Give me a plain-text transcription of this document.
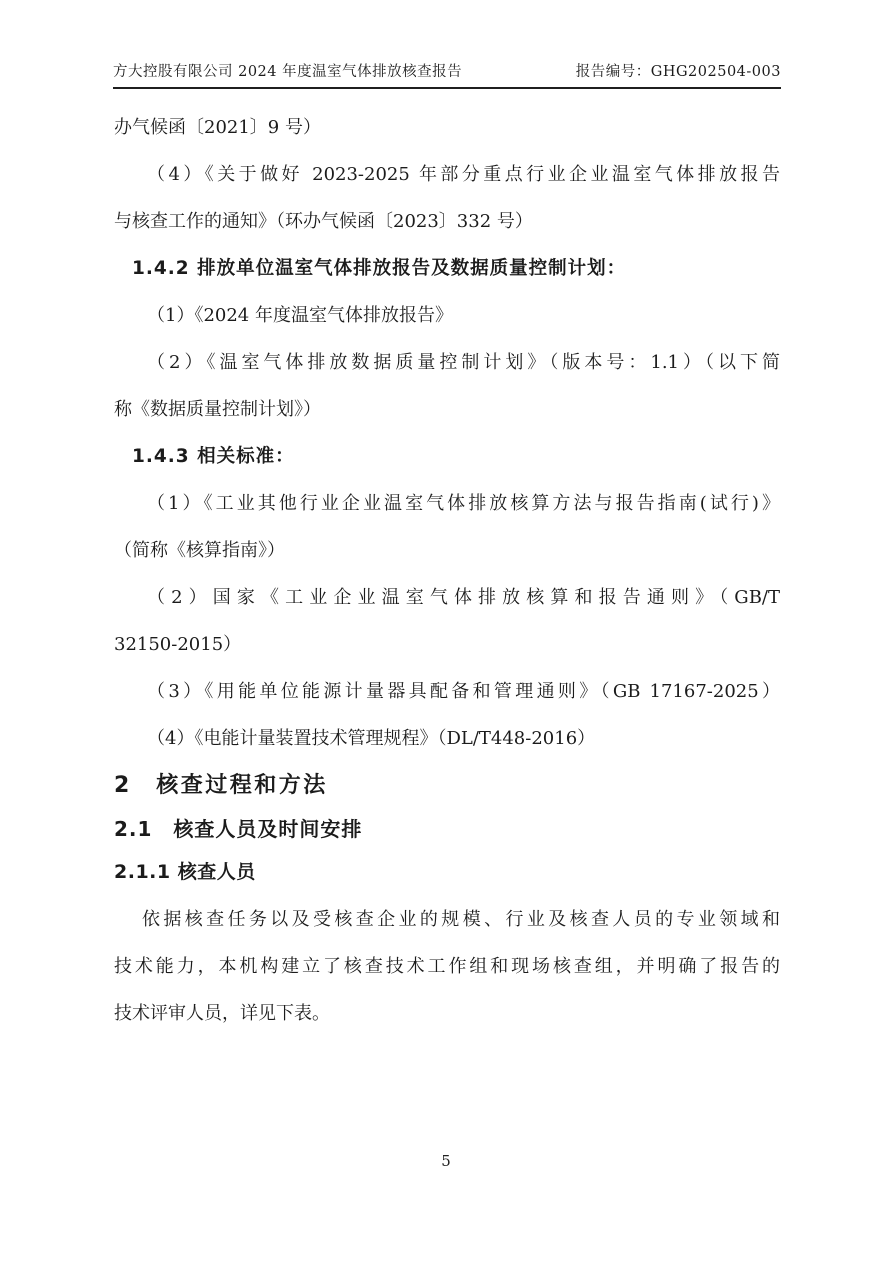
方大控股有限公司 2024 年度温室气体排放核查报告	报告编号：GHG202504-003
办气候函〔2021〕9 号）
（4）《关于做好 2023-2025 年部分重点行业企业温室气体排放报告
与核查工作的通知》（环办气候函〔2023〕332 号）
1.4.2 排放单位温室气体排放报告及数据质量控制计划：
（1）《2024 年度温室气体排放报告》
（2）《温室气体排放数据质量控制计划》（版本号：1.1）（以下简
称《数据质量控制计划》）
1.4.3 相关标准：
（1）《工业其他行业企业温室气体排放核算方法与报告指南(试行)》
（简称《核算指南》）
（2）国家《工业企业温室气体排放核算和报告通则》（GB/T
32150-2015）
（3）《用能单位能源计量器具配备和管理通则》（GB 17167-2025）
（4）《电能计量装置技术管理规程》（DL/T448-2016）
2　核查过程和方法
2.1　核查人员及时间安排
2.1.1 核查人员
依据核查任务以及受核查企业的规模、行业及核查人员的专业领域和
技术能力，本机构建立了核查技术工作组和现场核查组，并明确了报告的
技术评审人员，详见下表。
5
